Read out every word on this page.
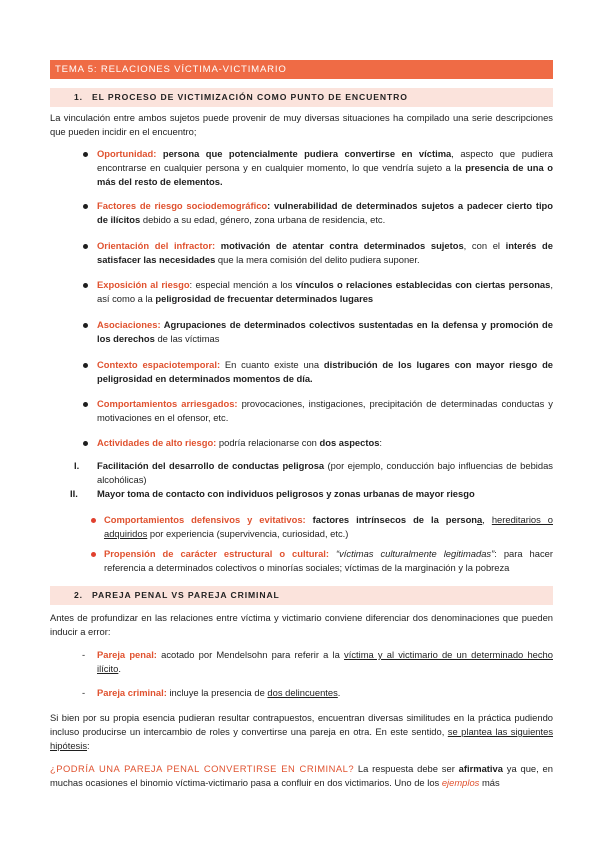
TEMA 5: RELACIONES VÍCTIMA-VICTIMARIO
1. EL PROCESO DE VICTIMIZACIÓN COMO PUNTO DE ENCUENTRO
La vinculación entre ambos sujetos puede provenir de muy diversas situaciones ha compilado una serie descripciones que pueden incidir en el encuentro;
Oportunidad: persona que potencialmente pudiera convertirse en víctima, aspecto que pudiera encontrarse en cualquier persona y en cualquier momento, lo que vendría sujeto a la presencia de una o más del resto de elementos.
Factores de riesgo sociodemográfico: vulnerabilidad de determinados sujetos a padecer cierto tipo de ilícitos debido a su edad, género, zona urbana de residencia, etc.
Orientación del infractor: motivación de atentar contra determinados sujetos, con el interés de satisfacer las necesidades que la mera comisión del delito pudiera suponer.
Exposición al riesgo: especial mención a los vínculos o relaciones establecidas con ciertas personas, así como a la peligrosidad de frecuentar determinados lugares
Asociaciones: Agrupaciones de determinados colectivos sustentadas en la defensa y promoción de los derechos de las víctimas
Contexto espaciotemporal: En cuanto existe una distribución de los lugares con mayor riesgo de peligrosidad en determinados momentos de día.
Comportamientos arriesgados: provocaciones, instigaciones, precipitación de determinadas conductas y motivaciones en el ofensor, etc.
Actividades de alto riesgo: podría relacionarse con dos aspectos:
I. Facilitación del desarrollo de conductas peligrosa (por ejemplo, conducción bajo influencias de bebidas alcohólicas)
II. Mayor toma de contacto con individuos peligrosos y zonas urbanas de mayor riesgo
Comportamientos defensivos y evitativos: factores intrínsecos de la persona, hereditarios o adquiridos por experiencia (supervivencia, curiosidad, etc.)
Propensión de carácter estructural o cultural: “víctimas culturalmente legitimadas”: para hacer referencia a determinados colectivos o minorías sociales; víctimas de la marginación y la pobreza
2. PAREJA PENAL VS PAREJA CRIMINAL
Antes de profundizar en las relaciones entre víctima y victimario conviene diferenciar dos denominaciones que pueden inducir a error:
- Pareja penal: acotado por Mendelsohn para referir a la víctima y al victimario de un determinado hecho ilícito.
- Pareja criminal: incluye la presencia de dos delincuentes.
Si bien por su propia esencia pudieran resultar contrapuestos, encuentran diversas similitudes en la práctica pudiendo incluso producirse un intercambio de roles y convertirse una pareja en otra. En este sentido, se plantea las siguientes hipótesis:
¿PODRÍA UNA PAREJA PENAL CONVERTIRSE EN CRIMINAL? La respuesta debe ser afirmativa ya que, en muchas ocasiones el binomio víctima-victimario pasa a confluir en dos victimarios. Uno de los ejemplos más
